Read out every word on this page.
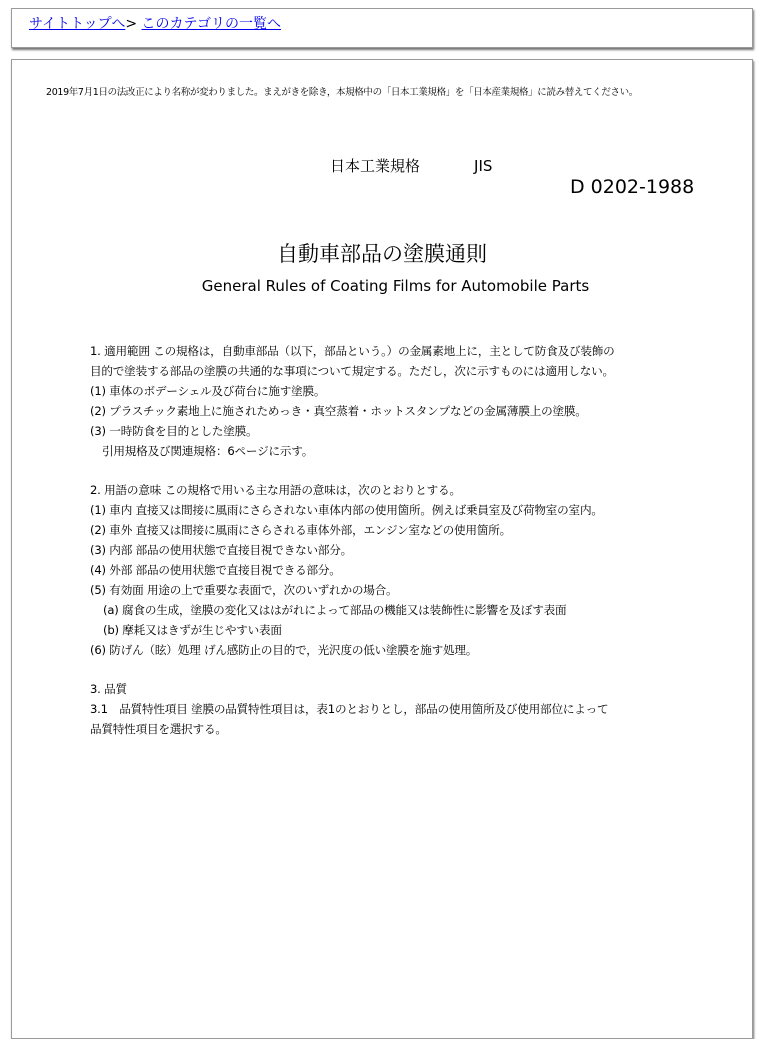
サイトトップへ> このカテゴリの一覧へ
2019年7月1日の法改正により名称が変わりました。まえがきを除き，本規格中の「日本工業規格」を「日本産業規格」に読み替えてください。
日本工業規格	JIS
D 0202-1988
自動車部品の塗膜通則
General Rules of Coating Films for Automobile Parts
1. 適用範囲 この規格は，自動車部品（以下，部品という。）の金属素地上に，主として防食及び装飾の
目的で塗装する部品の塗膜の共通的な事項について規定する。ただし，次に示すものには適用しない。
(1) 車体のボデーシェル及び荷台に施す塗膜。
(2) プラスチック素地上に施されためっき・真空蒸着・ホットスタンプなどの金属薄膜上の塗膜。
(3) 一時防食を目的とした塗膜。
引用規格及び関連規格：6ページに示す。
2. 用語の意味 この規格で用いる主な用語の意味は，次のとおりとする。
(1) 車内 直接又は間接に風雨にさらされない車体内部の使用箇所。例えば乗員室及び荷物室の室内。
(2) 車外 直接又は間接に風雨にさらされる車体外部，エンジン室などの使用箇所。
(3) 内部 部品の使用状態で直接目視できない部分。
(4) 外部 部品の使用状態で直接目視できる部分。
(5) 有効面 用途の上で重要な表面で，次のいずれかの場合。
(a) 腐食の生成，塗膜の変化又ははがれによって部品の機能又は装飾性に影響を及ぼす表面
(b) 摩耗又はきずが生じやすい表面
(6) 防げん（眩）処理 げん感防止の目的で，光沢度の低い塗膜を施す処理。
3. 品質
3.1　品質特性項目 塗膜の品質特性項目は，表1のとおりとし，部品の使用箇所及び使用部位によって
品質特性項目を選択する。
